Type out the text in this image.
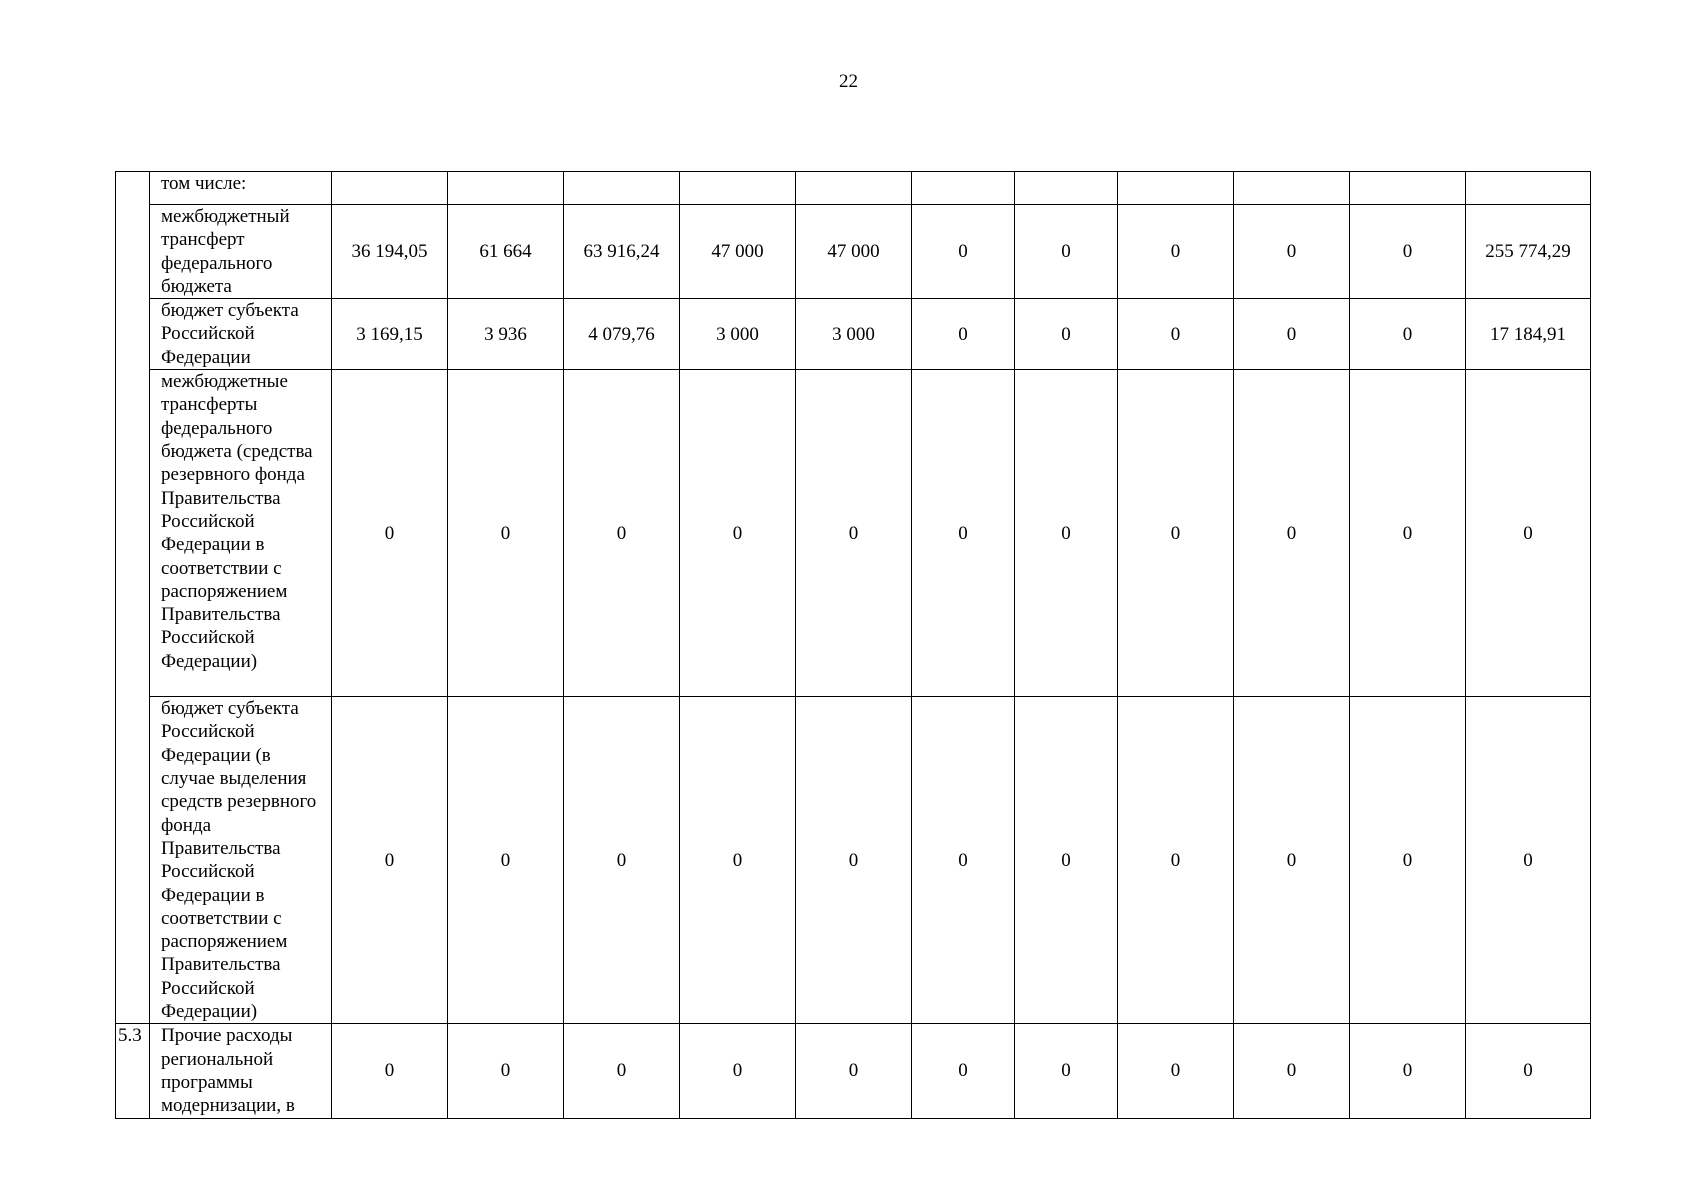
22
	том числе:											
	межбюджетный трансферт федерального бюджета	36 194,05	61 664	63 916,24	47 000	47 000	0	0	0	0	0	255 774,29
	бюджет субъекта Российской Федерации	3 169,15	3 936	4 079,76	3 000	3 000	0	0	0	0	0	17 184,91
	межбюджетные трансферты федерального бюджета (средства резервного фонда Правительства Российской Федерации в соответствии с распоряжением Правительства Российской Федерации)	0	0	0	0	0	0	0	0	0	0	0
	бюджет субъекта Российской Федерации (в случае выделения средств резервного фонда Правительства Российской Федерации в соответствии с распоряжением Правительства Российской Федерации)	0	0	0	0	0	0	0	0	0	0	0
5.3	Прочие расходы региональной программы модернизации, в	0	0	0	0	0	0	0	0	0	0	0
